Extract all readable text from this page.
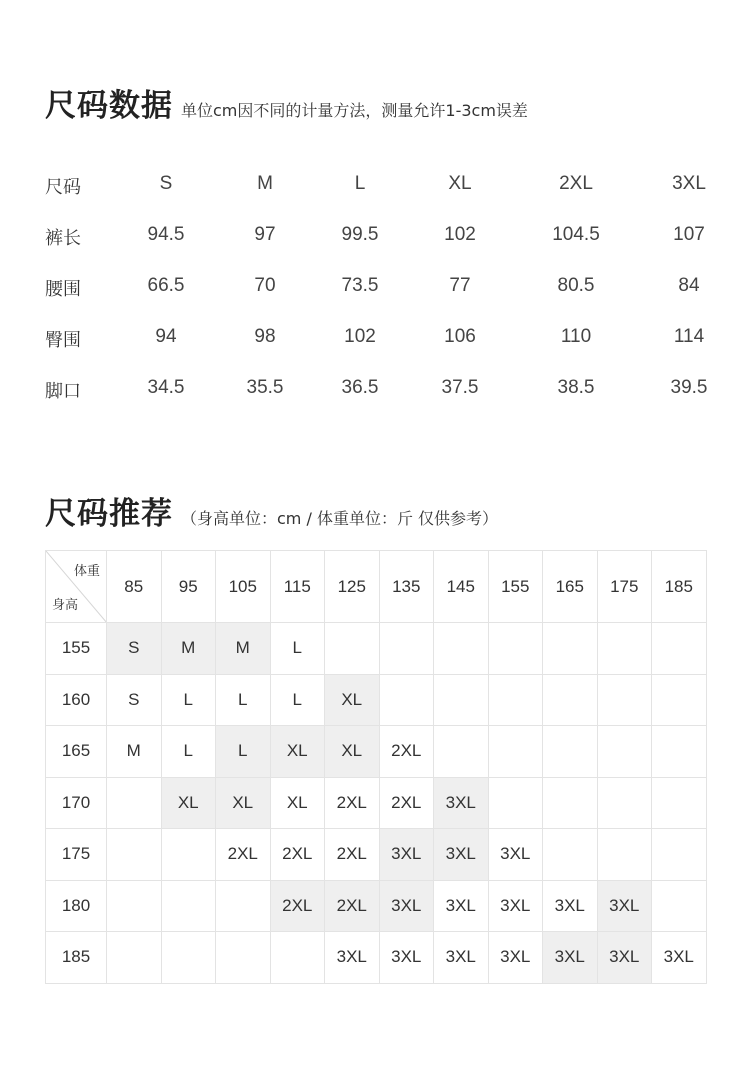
尺码数据 单位cm因不同的计量方法，测量允许1-3cm误差
尺码	S	M	L	XL	2XL	3XL
裤长	94.5	97	99.5	102	104.5	107
腰围	66.5	70	73.5	77	80.5	84
臀围	94	98	102	106	110	114
脚口	34.5	35.5	36.5	37.5	38.5	39.5
尺码推荐 （身高单位：cm / 体重单位：斤 仅供参考）
体重
身高	85	95	105	115	125	135	145	155	165	175	185
155	S	M	M	L							
160	S	L	L	L	XL						
165	M	L	L	XL	XL	2XL					
170		XL	XL	XL	2XL	2XL	3XL				
175			2XL	2XL	2XL	3XL	3XL	3XL			
180				2XL	2XL	3XL	3XL	3XL	3XL	3XL	
185					3XL	3XL	3XL	3XL	3XL	3XL	3XL
